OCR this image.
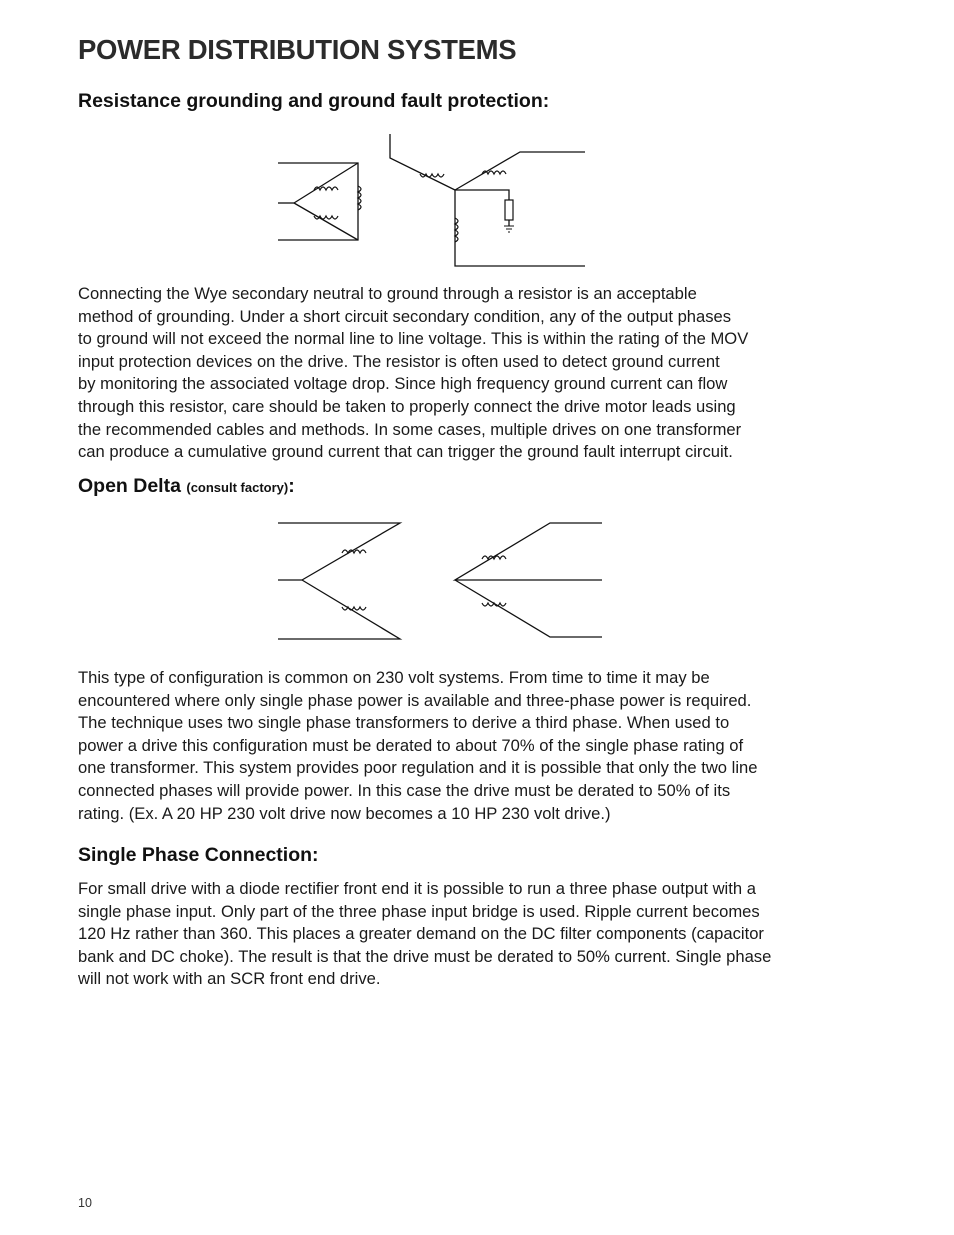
POWER DISTRIBUTION SYSTEMS
Resistance grounding and ground fault protection:

Connecting the Wye secondary neutral to ground through a resistor is an acceptable
method of grounding. Under a short circuit secondary condition, any of the output phases
to ground will not exceed the normal line to line voltage. This is within the rating of the MOV
input protection devices on the drive. The resistor is often used to detect ground current
by monitoring the associated voltage drop. Since high frequency ground current can flow
through this resistor, care should be taken to properly connect the drive motor leads using
the recommended cables and methods. In some cases, multiple drives on one transformer
can produce a cumulative ground current that can trigger the ground fault interrupt circuit.

Open Delta (consult factory):

This type of configuration is common on 230 volt systems. From time to time it may be
encountered where only single phase power is available and three-phase power is required.
The technique uses two single phase transformers to derive a third phase. When used to
power a drive this configuration must be derated to about 70% of the single phase rating of
one transformer. This system provides poor regulation and it is possible that only the two line
connected phases will provide power. In this case the drive must be derated to 50% of its
rating. (Ex. A 20 HP 230 volt drive now becomes a 10 HP 230 volt drive.)

Single Phase Connection:

For small drive with a diode rectifier front end it is possible to run a three phase output with a
single phase input. Only part of the three phase input bridge is used. Ripple current becomes
120 Hz rather than 360. This places a greater demand on the DC filter components (capacitor
bank and DC choke). The result is that the drive must be derated to 50% current. Single phase
will not work with an SCR front end drive.

10
